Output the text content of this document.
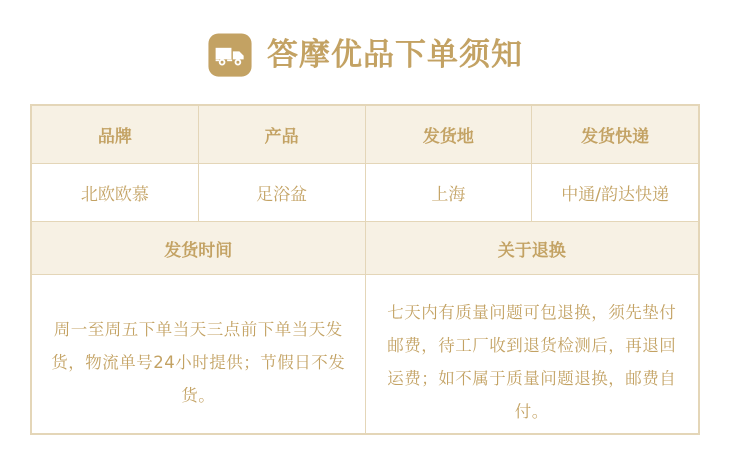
答摩优品下单须知
品牌	产品	发货地	发货快递
北欧欧慕	足浴盆	上海	中通/韵达快递
发货时间		关于退换	

周一至周五下单当天三点前下单当天发货，物流单号24小时提供；节假日不发货。		七天内有质量问题可包退换，须先垫付邮费，待工厂收到退货检测后，再退回运费；如不属于质量问题退换，邮费自付。	
